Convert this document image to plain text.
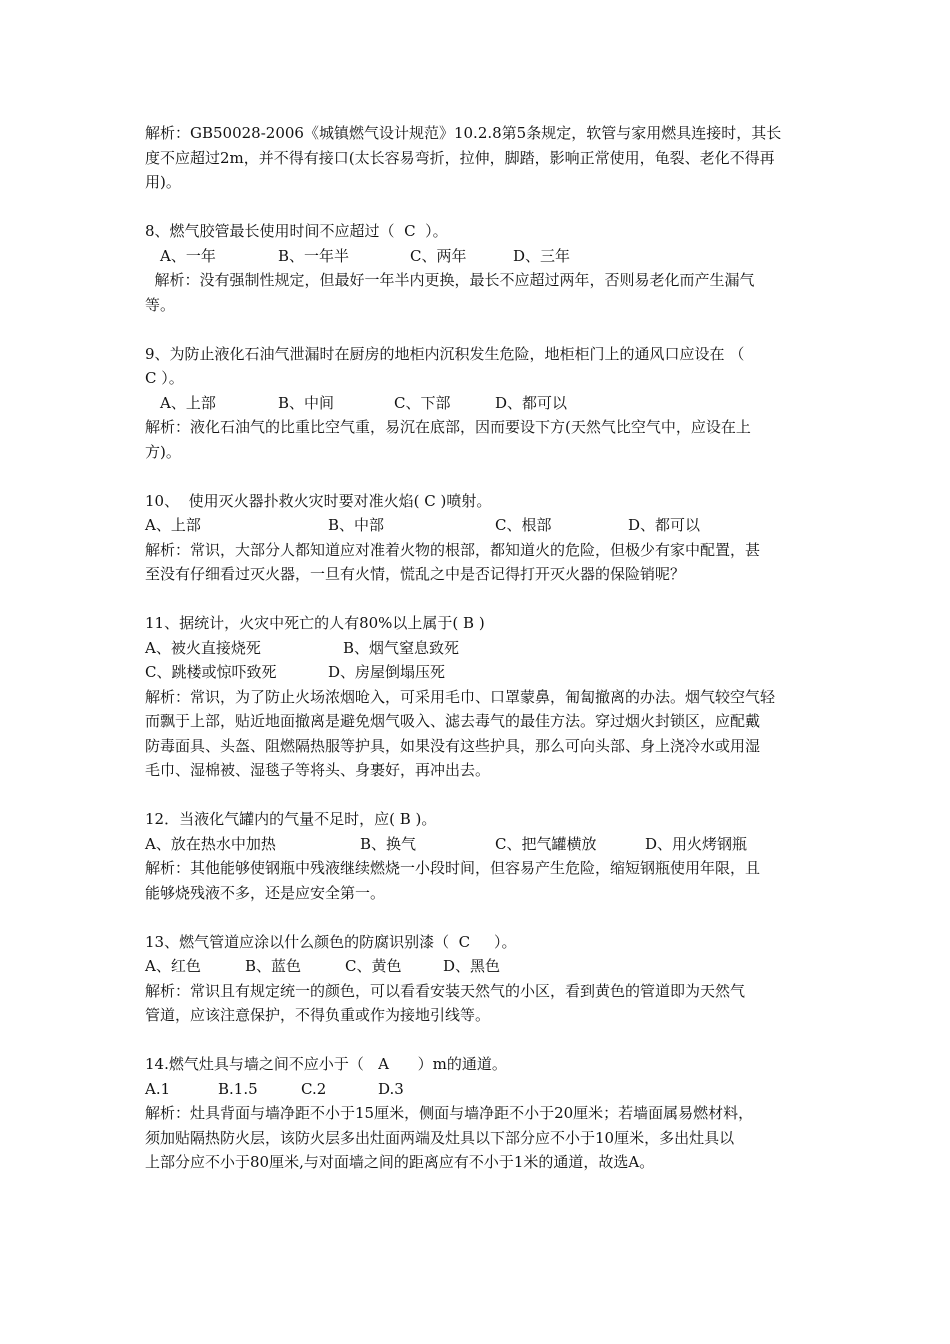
解析：GB50028-2006《城镇燃气设计规范》10.2.8第5条规定，软管与家用燃具连接时，其长
度不应超过2m，并不得有接口(太长容易弯折，拉伸，脚踏，影响正常使用，龟裂、老化不得再
用)。
8、燃气胶管最长使用时间不应超过（  C  ）。
A、一年	B、一年半	C、两年	D、三年
解析：没有强制性规定，但最好一年半内更换，最长不应超过两年，否则易老化而产生漏气
等。
9、为防止液化石油气泄漏时在厨房的地柜内沉积发生危险，地柜柜门上的通风口应设在 （
C ）。
A、上部	B、中间	C、下部	D、都可以
解析：液化石油气的比重比空气重，易沉在底部，因而要设下方(天然气比空气中，应设在上
方)。
10、  使用灭火器扑救火灾时要对准火焰( C )喷射。
A、上部	B、中部	C、根部	D、都可以
解析：常识，大部分人都知道应对准着火物的根部，都知道火的危险，但极少有家中配置，甚
至没有仔细看过灭火器，一旦有火情，慌乱之中是否记得打开灭火器的保险销呢？
11、据统计，火灾中死亡的人有80%以上属于( B )
A、被火直接烧死	B、烟气窒息致死
C、跳楼或惊吓致死	D、房屋倒塌压死
解析：常识，为了防止火场浓烟呛入，可采用毛巾、口罩蒙鼻，匍匐撤离的办法。烟气较空气轻
而飘于上部，贴近地面撤离是避免烟气吸入、滤去毒气的最佳方法。穿过烟火封锁区，应配戴
防毒面具、头盔、阻燃隔热服等护具，如果没有这些护具，那么可向头部、身上浇冷水或用湿
毛巾、湿棉被、湿毯子等将头、身裹好，再冲出去。
12．当液化气罐内的气量不足时，应( B )。
A、放在热水中加热	B、换气	C、把气罐横放	D、用火烤钢瓶
解析：其他能够使钢瓶中残液继续燃烧一小段时间，但容易产生危险，缩短钢瓶使用年限，且
能够烧残液不多，还是应安全第一。
13、燃气管道应涂以什么颜色的防腐识别漆（  C     ）。
A、红色	B、蓝色	C、黄色	D、黑色
解析：常识且有规定统一的颜色，可以看看安装天然气的小区，看到黄色的管道即为天然气
管道，应该注意保护，不得负重或作为接地引线等。
14.燃气灶具与墙之间不应小于（   A      ）m的通道。
A.1	B.1.5	C.2	D.3
解析：灶具背面与墙净距不小于15厘米，侧面与墙净距不小于20厘米；若墙面属易燃材料，
须加贴隔热防火层，该防火层多出灶面两端及灶具以下部分应不小于10厘米，多出灶具以
上部分应不小于80厘米,与对面墙之间的距离应有不小于1米的通道，故选A。
